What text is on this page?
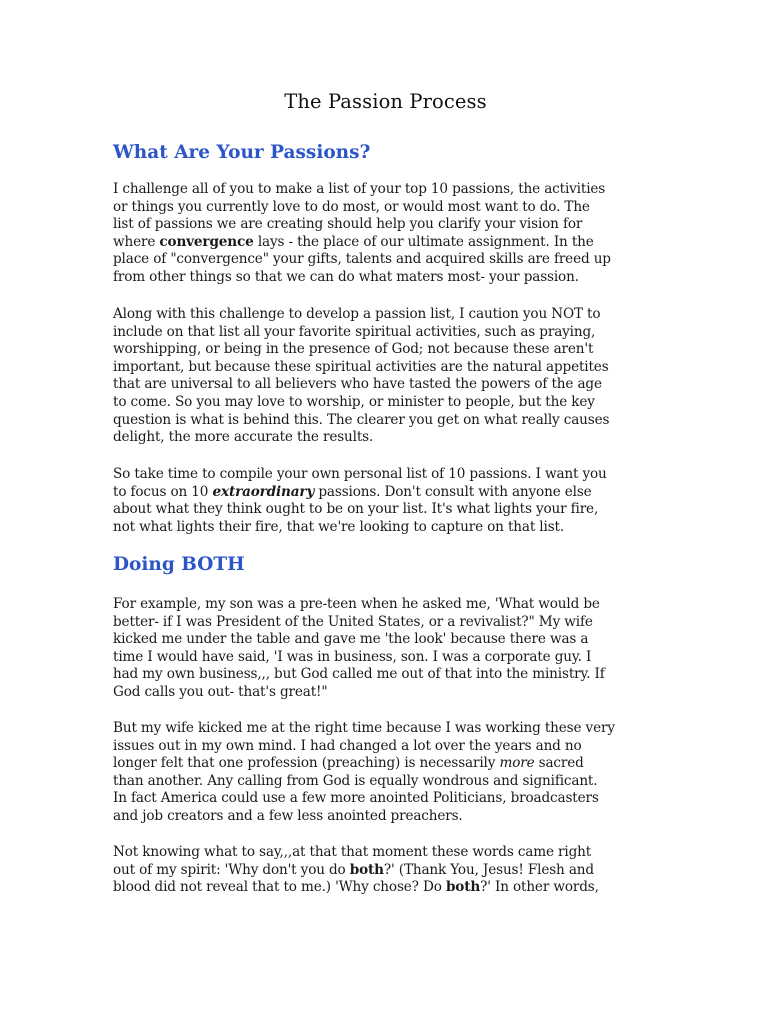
The Passion Process
What Are Your Passions?

I challenge all of you to make a list of your top 10 passions, the activities
or things you currently love to do most, or would most want to do. The
list of passions we are creating should help you clarify your vision for
where convergence lays - the place of our ultimate assignment. In the
place of "convergence" your gifts, talents and acquired skills are freed up
from other things so that we can do what maters most- your passion.

Along with this challenge to develop a passion list, I caution you NOT to
include on that list all your favorite spiritual activities, such as praying,
worshipping, or being in the presence of God; not because these aren't
important, but because these spiritual activities are the natural appetites
that are universal to all believers who have tasted the powers of the age
to come. So you may love to worship, or minister to people, but the key
question is what is behind this. The clearer you get on what really causes
delight, the more accurate the results.

So take time to compile your own personal list of 10 passions. I want you
to focus on 10 extraordinary passions. Don't consult with anyone else
about what they think ought to be on your list. It's what lights your fire,
not what lights their fire, that we're looking to capture on that list.

Doing BOTH

For example, my son was a pre-teen when he asked me, 'What would be
better- if I was President of the United States, or a revivalist?" My wife
kicked me under the table and gave me 'the look' because there was a
time I would have said, 'I was in business, son. I was a corporate guy. I
had my own business,,, but God called me out of that into the ministry. If
God calls you out- that's great!"

But my wife kicked me at the right time because I was working these very
issues out in my own mind. I had changed a lot over the years and no
longer felt that one profession (preaching) is necessarily more sacred
than another. Any calling from God is equally wondrous and significant.
In fact America could use a few more anointed Politicians, broadcasters
and job creators and a few less anointed preachers.

Not knowing what to say,,,at that that moment these words came right
out of my spirit: 'Why don't you do both?' (Thank You, Jesus! Flesh and
blood did not reveal that to me.) 'Why chose? Do both?' In other words,
